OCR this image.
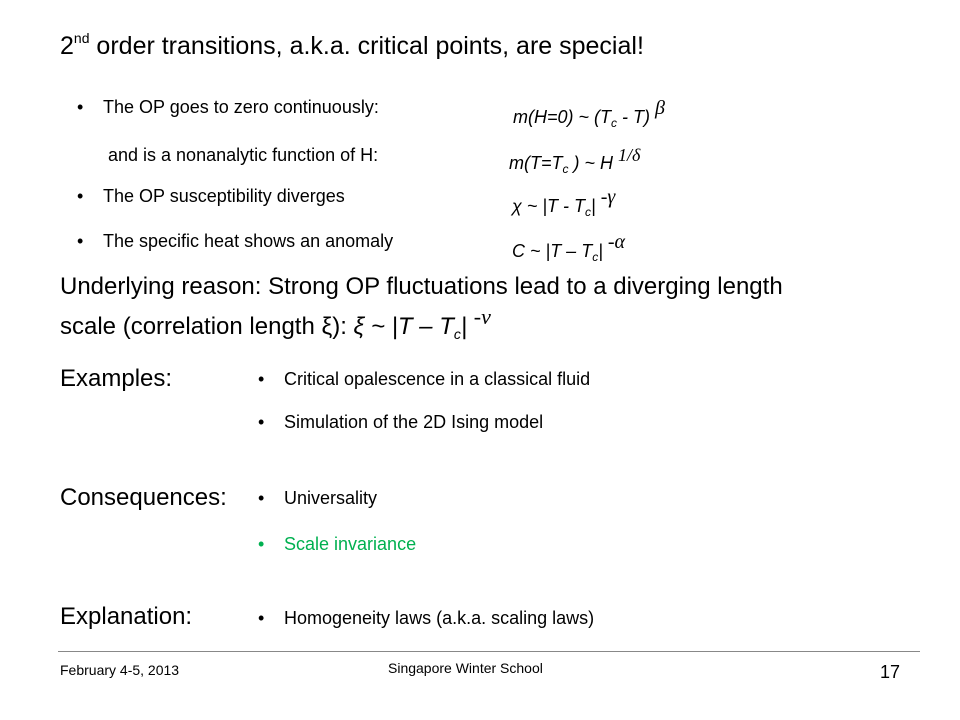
2nd order transitions, a.k.a. critical points, are special!
• The OP goes to zero continuously:	m(H=0) ~ $(T_c - T)$ β
and is a nonanalytic function of H:	$m(T=T_c$ ) ~ H 1/δ
• The OP susceptibility diverges	χ ~ $|T - T_c|$ -γ
• The specific heat shows an anomaly	C ~ $|T - T_c|$ -α
Underlying reason: Strong OP fluctuations lead to a diverging length
scale (correlation length ξ): ξ ~ $|T - T_c|$ -ν
Examples:	• Critical opalescence in a classical fluid
• Simulation of the 2D Ising model
Consequences: • Universality
• Scale invariance
Explanation:	• Homogeneity laws (a.k.a. scaling laws)
February 4-5, 2013	Singapore Winter School	17
